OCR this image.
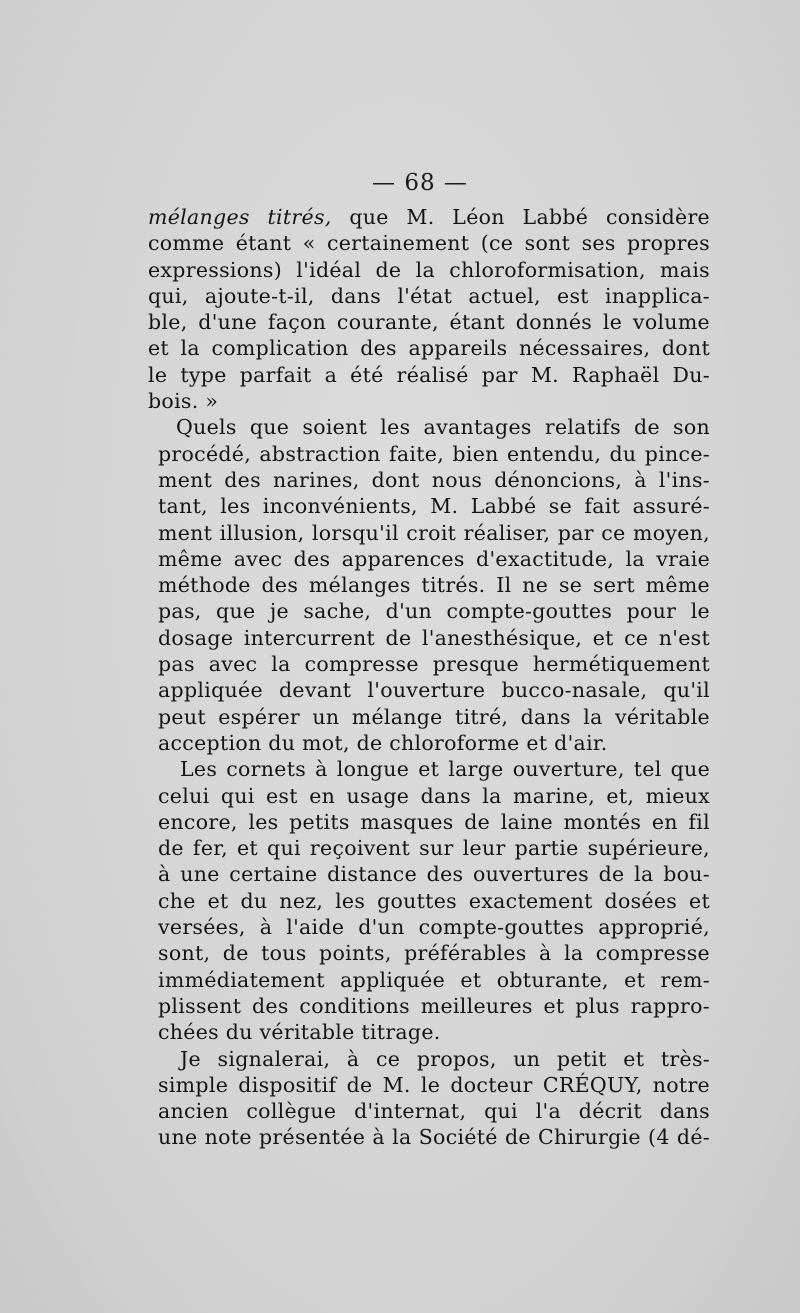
— 68 —
mélanges titrés, que M. Léon Labbé considère
comme étant « certainement (ce sont ses propres
expressions) l'idéal de la chloroformisation, mais
qui, ajoute-t-il, dans l'état actuel, est inapplica-
ble, d'une façon courante, étant donnés le volume
et la complication des appareils nécessaires, dont
le type parfait a été réalisé par M. Raphaël Du-
bois. »
Quels que soient les avantages relatifs de son
procédé, abstraction faite, bien entendu, du pince-
ment des narines, dont nous dénoncions, à l'ins-
tant, les inconvénients, M. Labbé se fait assuré-
ment illusion, lorsqu'il croit réaliser, par ce moyen,
même avec des apparences d'exactitude, la vraie
méthode des mélanges titrés. Il ne se sert même
pas, que je sache, d'un compte-gouttes pour le
dosage intercurrent de l'anesthésique, et ce n'est
pas avec la compresse presque hermétiquement
appliquée devant l'ouverture bucco-nasale, qu'il
peut espérer un mélange titré, dans la véritable
acception du mot, de chloroforme et d'air.
Les cornets à longue et large ouverture, tel que
celui qui est en usage dans la marine, et, mieux
encore, les petits masques de laine montés en fil
de fer, et qui reçoivent sur leur partie supérieure,
à une certaine distance des ouvertures de la bou-
che et du nez, les gouttes exactement dosées et
versées, à l'aide d'un compte-gouttes approprié,
sont, de tous points, préférables à la compresse
immédiatement appliquée et obturante, et rem-
plissent des conditions meilleures et plus rappro-
chées du véritable titrage.
Je signalerai, à ce propos, un petit et très-
simple dispositif de M. le docteur CRÉQUY, notre
ancien collègue d'internat, qui l'a décrit dans
une note présentée à la Société de Chirurgie (4 dé-
